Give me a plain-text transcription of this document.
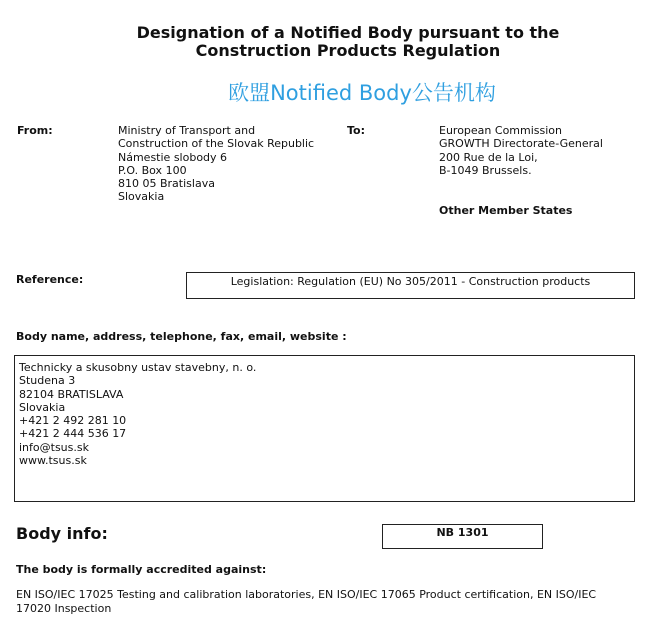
Designation of a Notified Body pursuant to the
Construction Products Regulation
欧盟Notified Body公告机构
From:	Ministry of Transport and
Construction of the Slovak Republic
Námestie slobody 6
P.O. Box 100
810 05 Bratislava
Slovakia
To:	European Commission
GROWTH Directorate-General
200 Rue de la Loi,
B-1049 Brussels.
Other Member States
Reference:	Legislation: Regulation (EU) No 305/2011 - Construction products
Body name, address, telephone, fax, email, website :
Technicky a skusobny ustav stavebny, n. o.
Studena 3
82104 BRATISLAVA
Slovakia
+421 2 492 281 10
+421 2 444 536 17
info@tsus.sk
www.tsus.sk
Body info:	NB 1301
The body is formally accredited against:
EN ISO/IEC 17025 Testing and calibration laboratories, EN ISO/IEC 17065 Product certification, EN ISO/IEC
17020 Inspection
